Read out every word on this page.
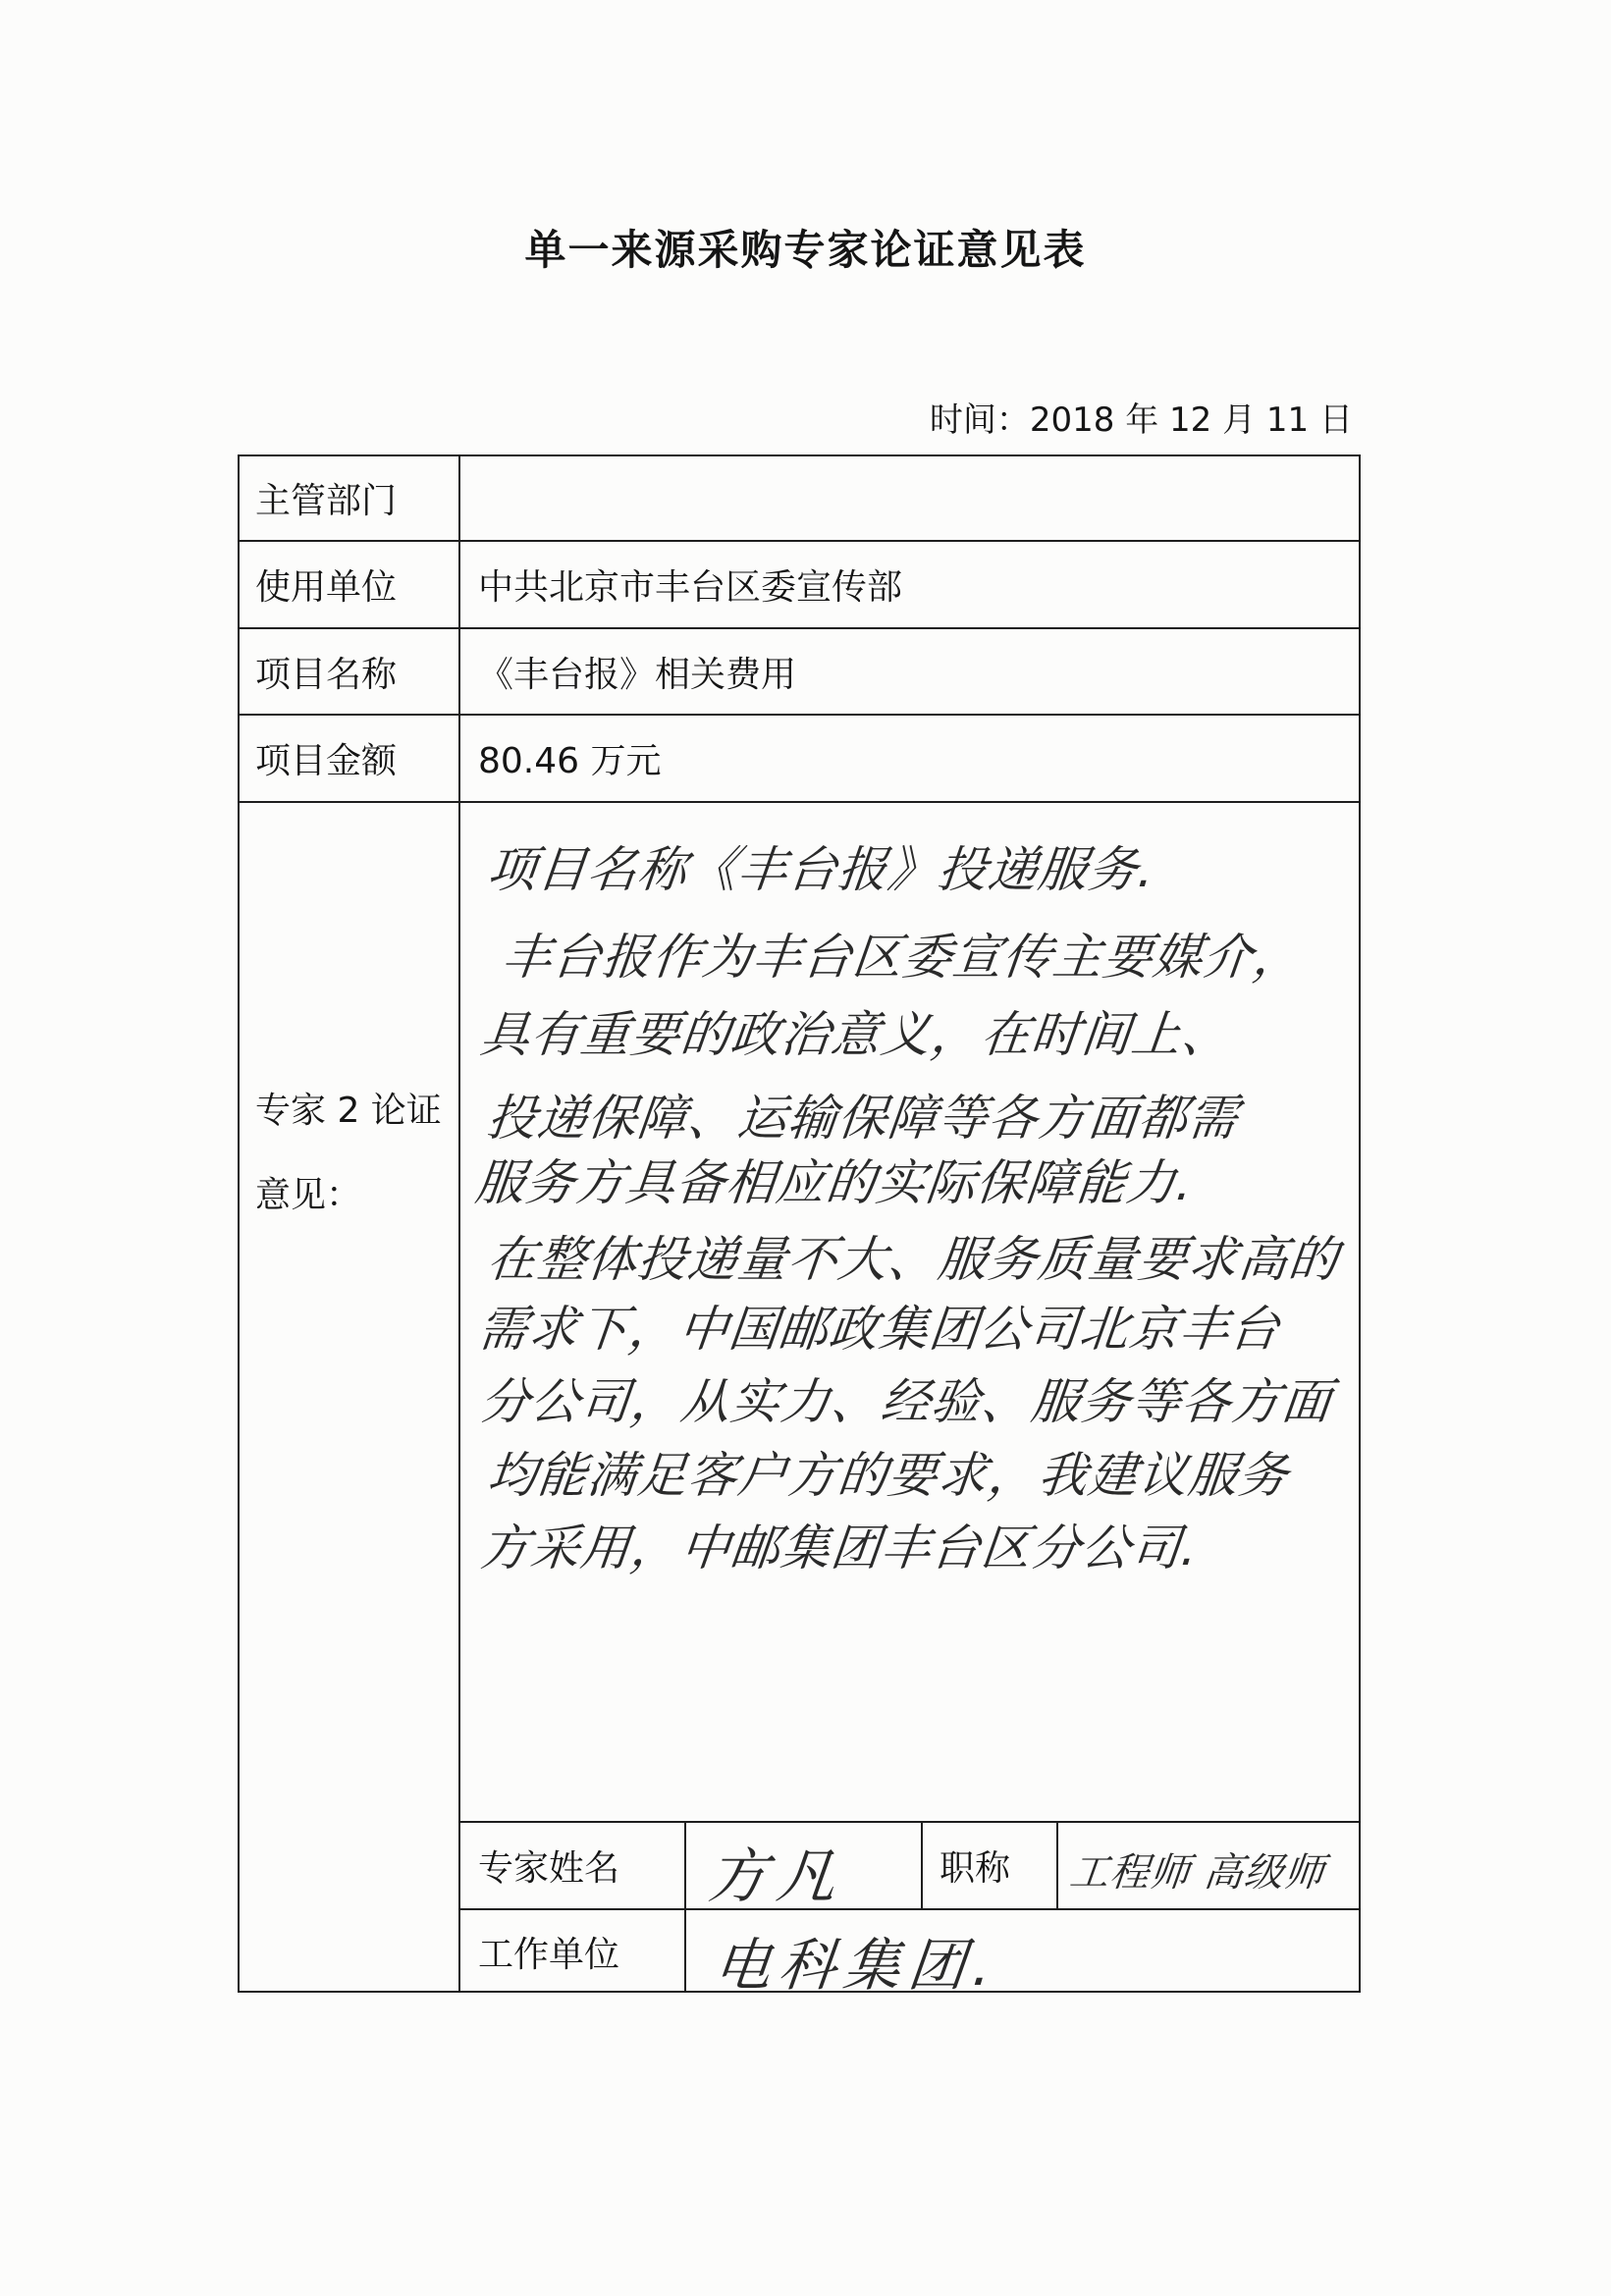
单一来源采购专家论证意见表
时间：2018 年 12 月 11 日
主管部门
使用单位	中共北京市丰台区委宣传部
项目名称	《丰台报》相关费用
项目金额	80.46 万元
专家 2 论证
意见：
项目名称《丰台报》投递服务.
丰台报作为丰台区委宣传主要媒介，
具有重要的政治意义，在时间上、
投递保障、运输保障等各方面都需
服务方具备相应的实际保障能力.
在整体投递量不大、服务质量要求高的
需求下，中国邮政集团公司北京丰台
分公司，从实力、经验、服务等各方面
均能满足客户方的要求，我建议服务
方采用，中邮集团丰台区分公司.
专家姓名	方凡	职称	工程师 高级师
工作单位	电科集团.
